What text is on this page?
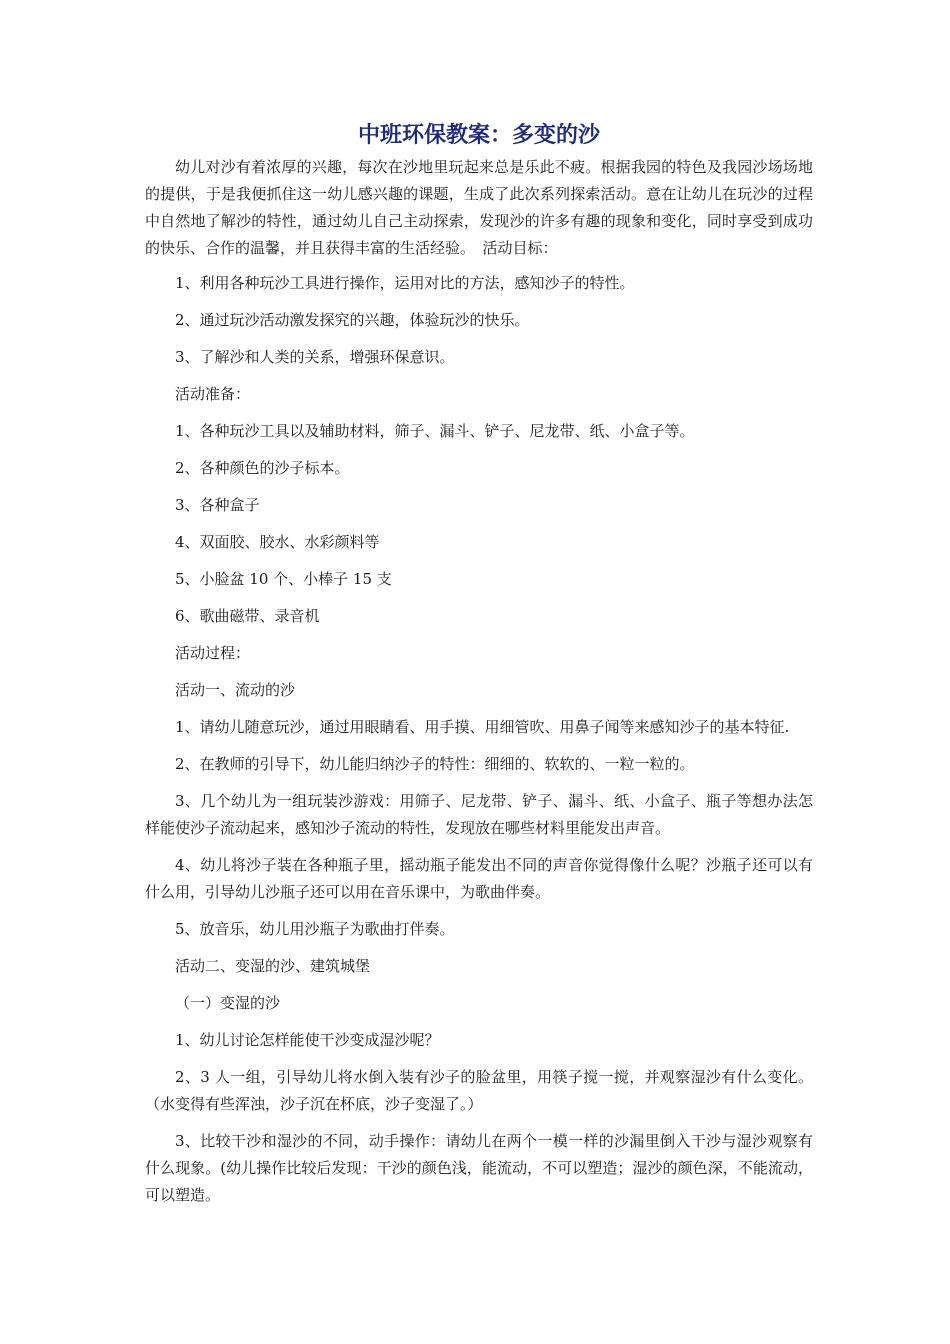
中班环保教案：多变的沙

幼儿对沙有着浓厚的兴趣，每次在沙地里玩起来总是乐此不疲。根据我园的特色及我园沙场场地的提供，于是我便抓住这一幼儿感兴趣的课题，生成了此次系列探索活动。意在让幼儿在玩沙的过程中自然地了解沙的特性，通过幼儿自己主动探索，发现沙的许多有趣的现象和变化，同时享受到成功的快乐、合作的温馨，并且获得丰富的生活经验。　活动目标：

1、利用各种玩沙工具进行操作，运用对比的方法，感知沙子的特性。

2、通过玩沙活动激发探究的兴趣，体验玩沙的快乐。

3、了解沙和人类的关系，增强环保意识。

活动准备：

1、各种玩沙工具以及辅助材料，筛子、漏斗、铲子、尼龙带、纸、小盒子等。

2、各种颜色的沙子标本。

3、各种盒子

4、双面胶、胶水、水彩颜料等

5、小脸盆 10 个、小棒子 15 支

6、歌曲磁带、录音机

活动过程：

活动一、流动的沙

1、请幼儿随意玩沙，通过用眼睛看、用手摸、用细管吹、用鼻子闻等来感知沙子的基本特征.

2、在教师的引导下，幼儿能归纳沙子的特性：细细的、软软的、一粒一粒的。

3、几个幼儿为一组玩装沙游戏：用筛子、尼龙带、铲子、漏斗、纸、小盒子、瓶子等想办法怎样能使沙子流动起来，感知沙子流动的特性，发现放在哪些材料里能发出声音。

4、幼儿将沙子装在各种瓶子里，摇动瓶子能发出不同的声音你觉得像什么呢？沙瓶子还可以有什么用，引导幼儿沙瓶子还可以用在音乐课中，为歌曲伴奏。

5、放音乐，幼儿用沙瓶子为歌曲打伴奏。

活动二、变湿的沙、建筑城堡

（一）变湿的沙

1、幼儿讨论怎样能使干沙变成湿沙呢？

2、3 人一组，引导幼儿将水倒入装有沙子的脸盆里，用筷子搅一搅，并观察湿沙有什么变化。（水变得有些浑浊，沙子沉在杯底，沙子变湿了。）

3、比较干沙和湿沙的不同，动手操作：请幼儿在两个一模一样的沙漏里倒入干沙与湿沙观察有什么现象。(幼儿操作比较后发现：干沙的颜色浅，能流动，不可以塑造；湿沙的颜色深，不能流动，可以塑造。
